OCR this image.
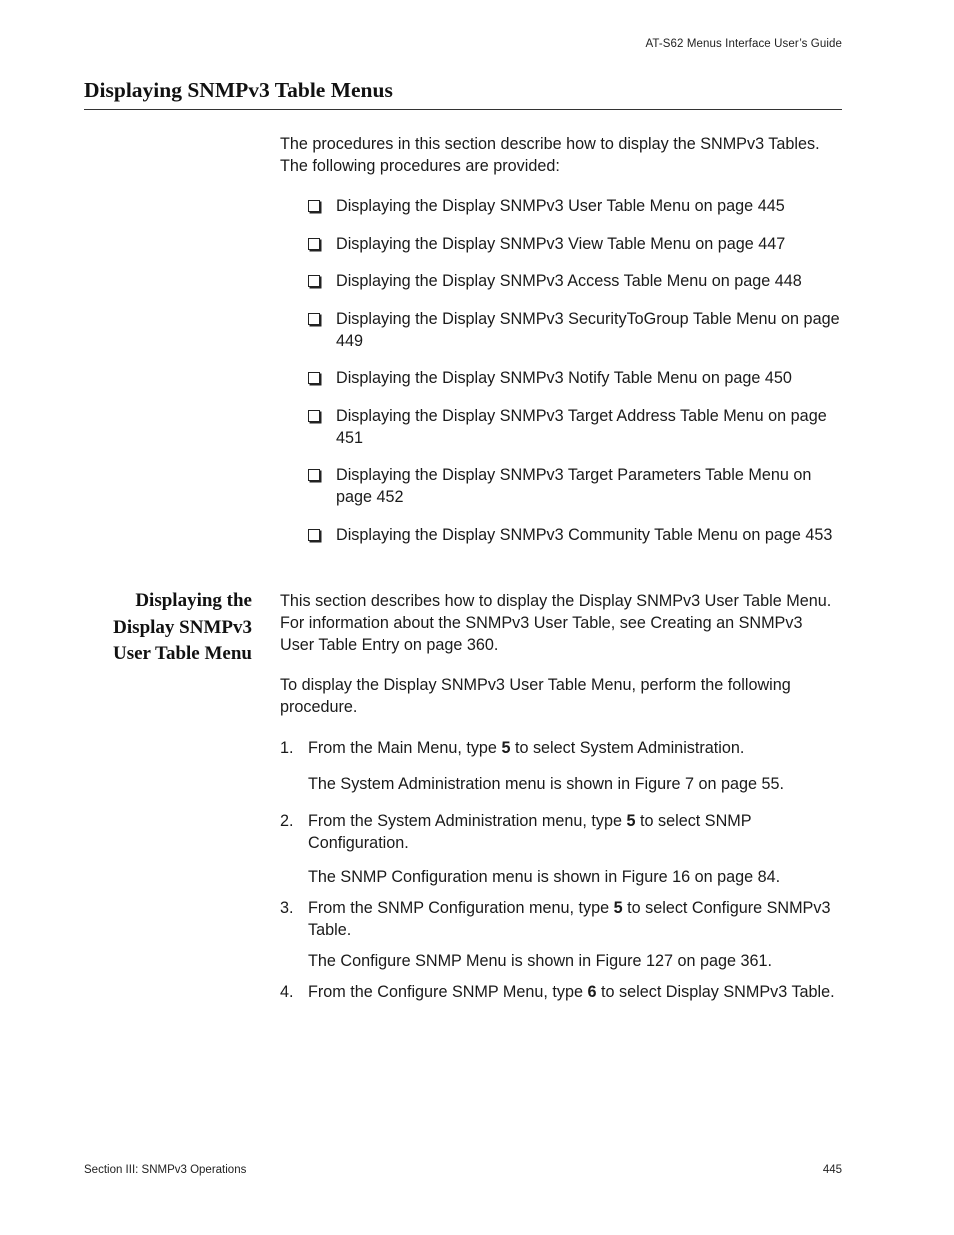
AT-S62 Menus Interface User’s Guide
Displaying SNMPv3 Table Menus

The procedures in this section describe how to display the SNMPv3 Tables. The following procedures are provided:

Displaying the Display SNMPv3 User Table Menu on page 445
Displaying the Display SNMPv3 View Table Menu on page 447
Displaying the Display SNMPv3 Access Table Menu on page 448
Displaying the Display SNMPv3 SecurityToGroup Table Menu on page 449
Displaying the Display SNMPv3 Notify Table Menu on page 450
Displaying the Display SNMPv3 Target Address Table Menu on page 451
Displaying the Display SNMPv3 Target Parameters Table Menu on page 452
Displaying the Display SNMPv3 Community Table Menu on page 453
Displaying the
Display SNMPv3
User Table Menu

This section describes how to display the Display SNMPv3 User Table Menu. For information about the SNMPv3 User Table, see Creating an SNMPv3 User Table Entry on page 360.

To display the Display SNMPv3 User Table Menu, perform the following procedure.

1. From the Main Menu, type 5 to select System Administration.

The System Administration menu is shown in Figure 7 on page 55.

2. From the System Administration menu, type 5 to select SNMP Configuration.

The SNMP Configuration menu is shown in Figure 16 on page 84.

3. From the SNMP Configuration menu, type 5 to select Configure SNMPv3 Table.

The Configure SNMP Menu is shown in Figure 127 on page 361.

4. From the Configure SNMP Menu, type 6 to select Display SNMPv3 Table.

Section III: SNMPv3 Operations	445
